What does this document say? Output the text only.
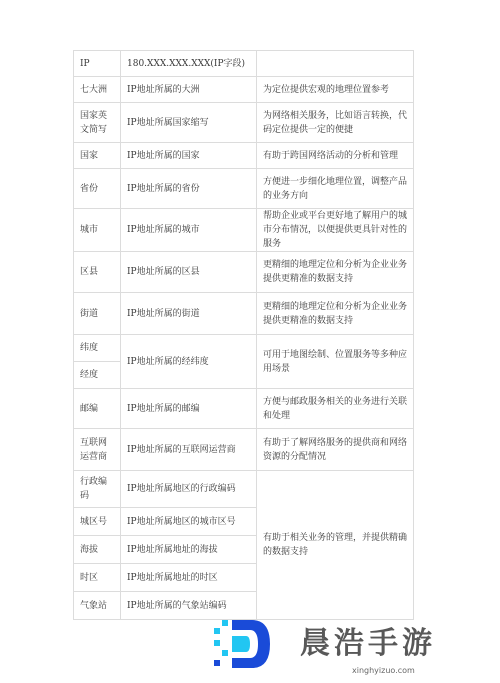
IP	180.XXX.XXX.XXX(IP字段)	
七大洲	IP地址所属的大洲	为定位提供宏观的地理位置参考
国家英文简写	IP地址所属国家缩写	为网络相关服务，比如语言转换，代码定位提供一定的便捷
国家	IP地址所属的国家	有助于跨国网络活动的分析和管理
省份	IP地址所属的省份	方便进一步细化地理位置，调整产品的业务方向
城市	IP地址所属的城市	帮助企业或平台更好地了解用户的城市分布情况，以便提供更具针对性的服务
区县	IP地址所属的区县	更精细的地理定位和分析为企业业务提供更精准的数据支持
街道	IP地址所属的街道	更精细的地理定位和分析为企业业务提供更精准的数据支持
纬度	IP地址所属的经纬度	可用于地图绘制、位置服务等多种应用场景
经度		
邮编	IP地址所属的邮编	方便与邮政服务相关的业务进行关联和处理
互联网运营商	IP地址所属的互联网运营商	有助于了解网络服务的提供商和网络资源的分配情况
行政编码	IP地址所属地区的行政编码	有助于相关业务的管理，并提供精确的数据支持
城区号	IP地址所属地区的城市区号	
海拔	IP地址所属地址的海拔	
时区	IP地址所属地址的时区	
气象站	IP地址所属的气象站编码	
晨浩手游
xinghyizuo.com
